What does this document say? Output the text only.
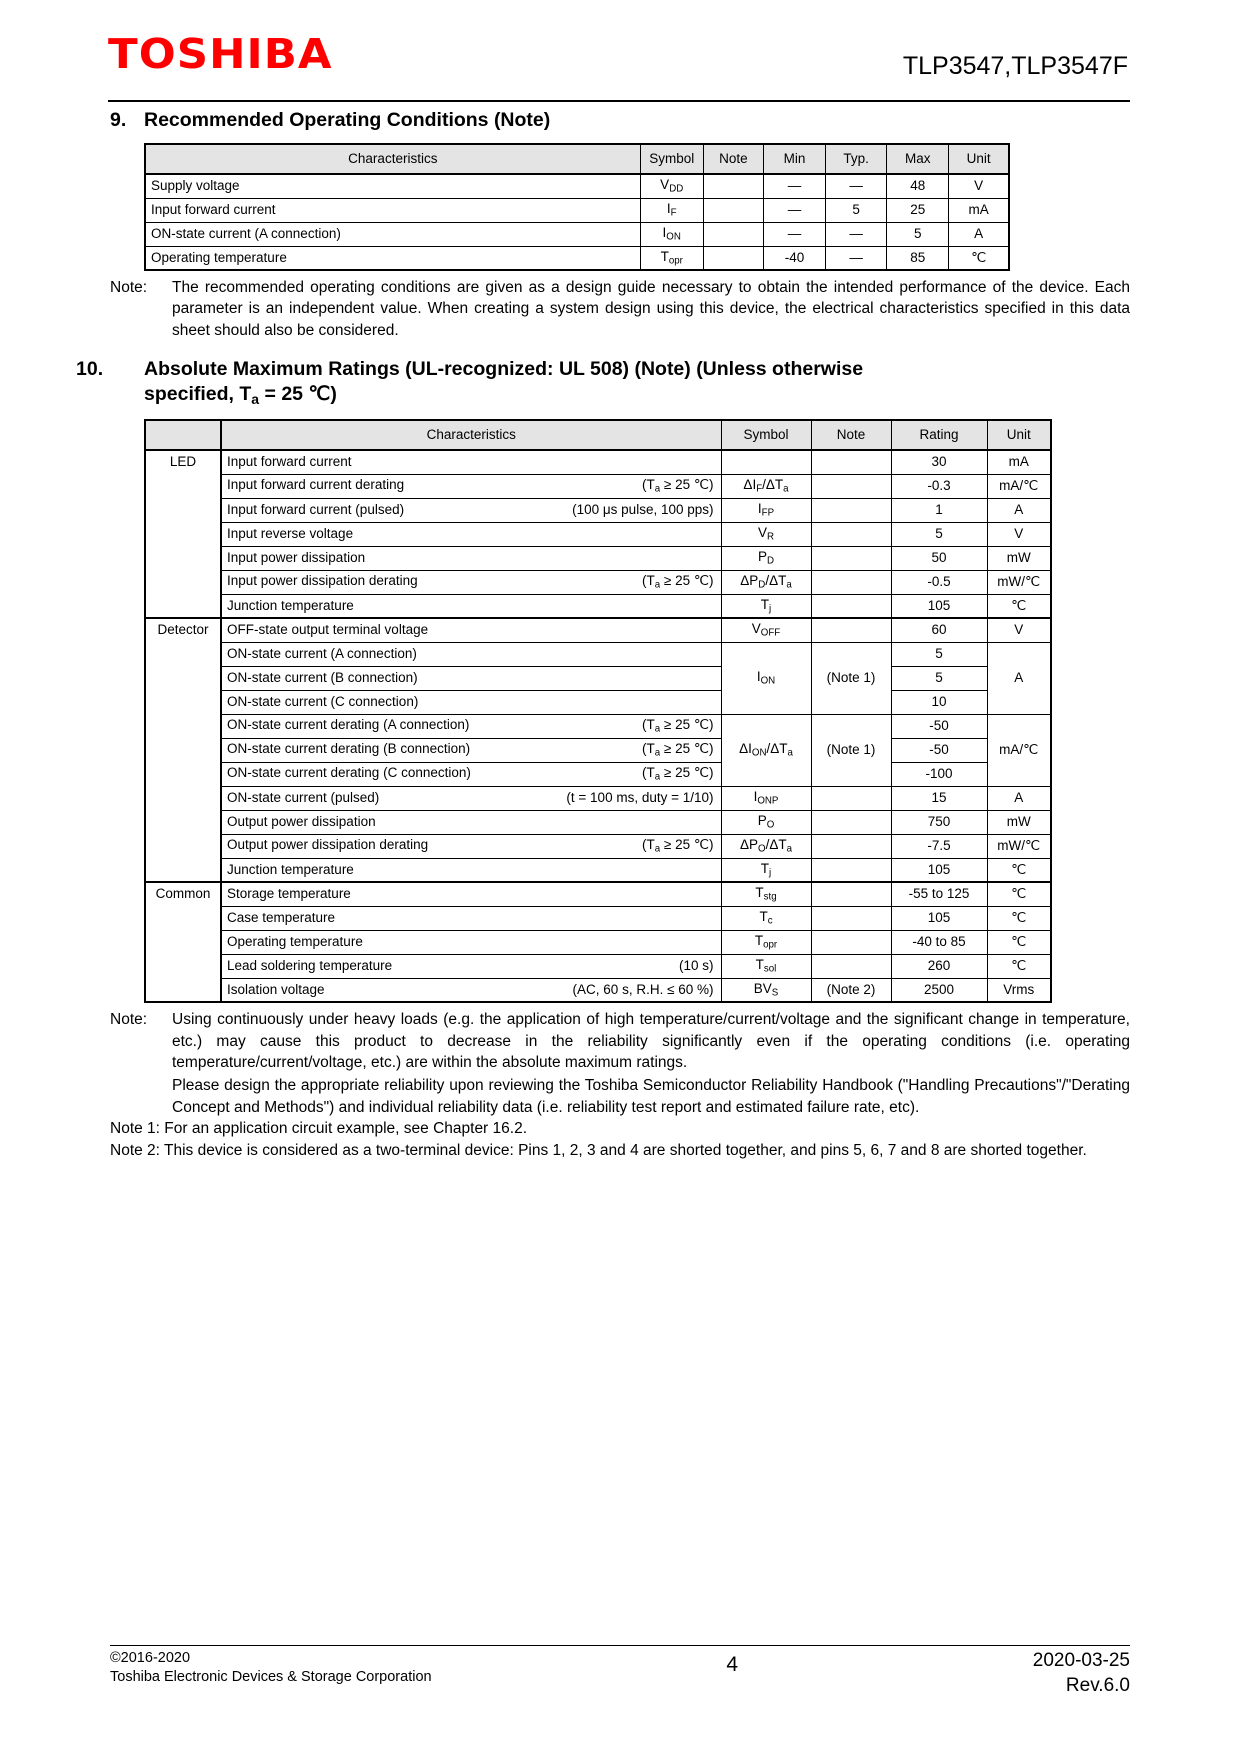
TOSHIBA	TLP3547,TLP3547F
9. Recommended Operating Conditions (Note)
Characteristics	Symbol	Note	Min	Typ.	Max	Unit
Supply voltage	$V_{DD}$		—	—	48	V
Input forward current	$I_F$		—	5	25	mA
ON-state current (A connection)	$I_{ON}$		—	—	5	A
Operating temperature	$T_{opr}$		-40	—	85	℃
Note:	The recommended operating conditions are given as a design guide necessary to obtain the intended performance of the device. Each parameter is an independent value. When creating a system design using this device, the electrical characteristics specified in this data sheet should also be considered.
10. Absolute Maximum Ratings (UL-recognized: UL 508) (Note) (Unless otherwise
specified, $T_a = 25$ ℃)
	Characteristics	Symbol	Note	Rating	Unit
LED	Input forward current			30	mA

	Input forward current derating ($T_a \ge 25$ ℃)	$\Delta I_F/\Delta T_a$		-0.3	mA/℃

	Input forward current (pulsed) (100 μs pulse, 100 pps)	$I_{FP}$		1	A
	Input reverse voltage	$V_R$		5	V
	Input power dissipation	$P_D$		50	mW

	Input power dissipation derating ($T_a \ge 25$ ℃)	$\Delta P_D/\Delta T_a$		-0.5	mW/℃
	Junction temperature	$T_j$		105	℃
Detector	OFF-state output terminal voltage	$V_{OFF}$		60	V
	ON-state current (A connection)	$I_{ON}$	(Note 1)	5	A
	ON-state current (B connection)			5	
	ON-state current (C connection)			10	

	ON-state current derating (A connection) ($T_a \ge 25$ ℃)	$\Delta I_{ON}/\Delta T_a$	(Note 1)	-50	mA/℃

	ON-state current derating (B connection) ($T_a \ge 25$ ℃)			-50	

	ON-state current derating (C connection) ($T_a \ge 25$ ℃)			-100	

	ON-state current (pulsed) (t = 100 ms, duty = 1/10)	$I_{ONP}$		15	A
	Output power dissipation	$P_O$		750	mW

	Output power dissipation derating ($T_a \ge 25$ ℃)	$\Delta P_O/\Delta T_a$		-7.5	mW/℃
	Junction temperature	$T_j$		105	℃
Common	Storage temperature	$T_{stg}$		-55 to 125	℃
	Case temperature	$T_c$		105	℃
	Operating temperature	$T_{opr}$		-40 to 85	℃

	Lead soldering temperature (10 s)	$T_{sol}$		260	℃

	Isolation voltage (AC, 60 s, R.H. ≤ 60 %)	$BV_S$	(Note 2)	2500	Vrms
Note:	Using continuously under heavy loads (e.g. the application of high temperature/current/voltage and the significant change in temperature, etc.) may cause this product to decrease in the reliability significantly even if the operating conditions (i.e. operating temperature/current/voltage, etc.) are within the absolute maximum ratings.
Please design the appropriate reliability upon reviewing the Toshiba Semiconductor Reliability Handbook ("Handling Precautions"/"Derating Concept and Methods") and individual reliability data (i.e. reliability test report and estimated failure rate, etc).
Note 1: For an application circuit example, see Chapter 16.2.
Note 2: This device is considered as a two-terminal device: Pins 1, 2, 3 and 4 are shorted together, and pins 5, 6, 7 and 8 are shorted together.
©2016-2020
Toshiba Electronic Devices & Storage Corporation
4	2020-03-25
Rev.6.0
